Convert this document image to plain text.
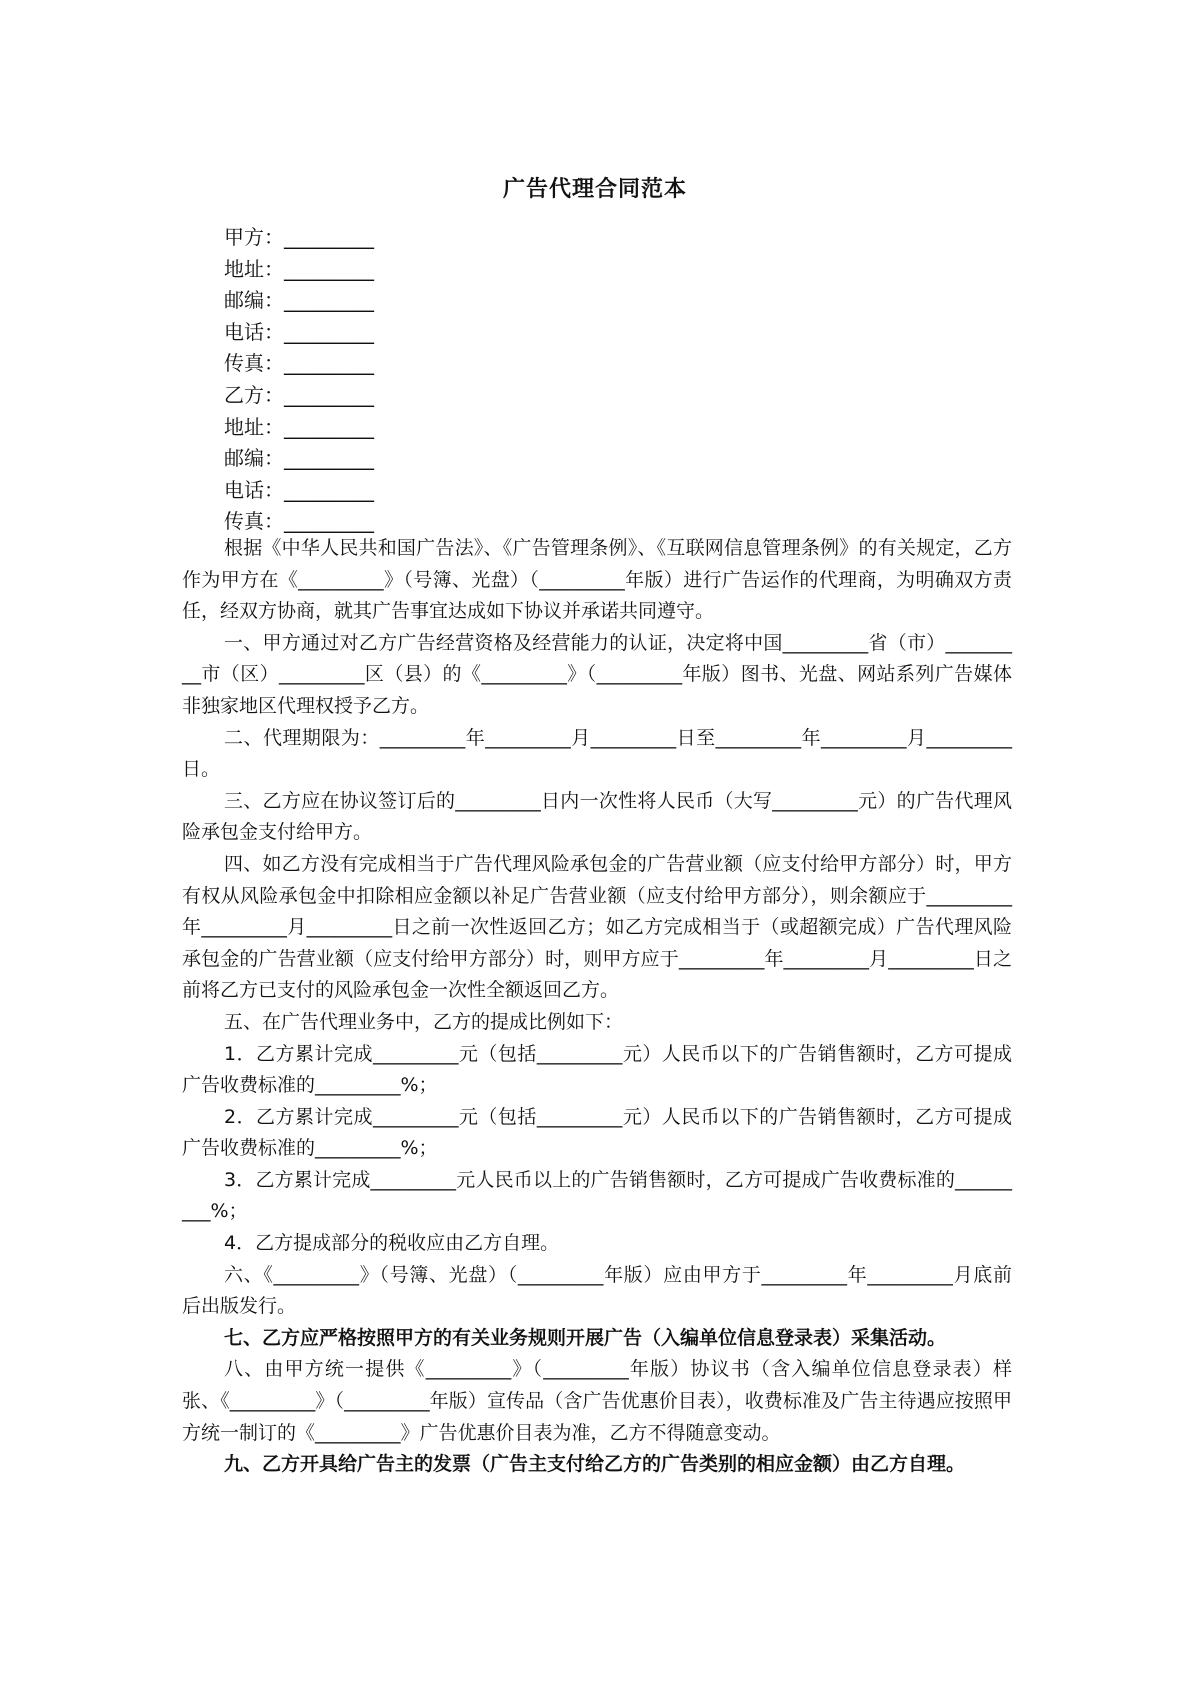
广告代理合同范本
甲方：_________
地址：_________
邮编：_________
电话：_________
传真：_________
乙方：_________
地址：_________
邮编：_________
电话：_________
传真：_________

根据《中华人民共和国广告法》、《广告管理条例》、《互联网信息管理条例》的有关规定，乙方作为甲方在《_________》（号簿、光盘）（_________年版）进行广告运作的代理商，为明确双方责任，经双方协商，就其广告事宜达成如下协议并承诺共同遵守。

一、甲方通过对乙方广告经营资格及经营能力的认证，决定将中国_________省（市）_________市（区）_________区（县）的《_________》（_________年版）图书、光盘、网站系列广告媒体非独家地区代理权授予乙方。

二、代理期限为：_________年_________月_________日至_________年_________月_________日。

三、乙方应在协议签订后的_________日内一次性将人民币（大写_________元）的广告代理风险承包金支付给甲方。

四、如乙方没有完成相当于广告代理风险承包金的广告营业额（应支付给甲方部分）时，甲方有权从风险承包金中扣除相应金额以补足广告营业额（应支付给甲方部分），则余额应于_________年_________月_________日之前一次性返回乙方；如乙方完成相当于（或超额完成）广告代理风险承包金的广告营业额（应支付给甲方部分）时，则甲方应于_________年_________月_________日之前将乙方已支付的风险承包金一次性全额返回乙方。

五、在广告代理业务中，乙方的提成比例如下：

1．乙方累计完成_________元（包括_________元）人民币以下的广告销售额时，乙方可提成广告收费标准的_________%；

2．乙方累计完成_________元（包括_________元）人民币以下的广告销售额时，乙方可提成广告收费标准的_________%；

3．乙方累计完成_________元人民币以上的广告销售额时，乙方可提成广告收费标准的_________%；

4．乙方提成部分的税收应由乙方自理。

六、《_________》（号簿、光盘）（_________年版）应由甲方于_________年_________月底前后出版发行。

七、乙方应严格按照甲方的有关业务规则开展广告（入编单位信息登录表）采集活动。

八、由甲方统一提供《_________》（_________年版）协议书（含入编单位信息登录表）样张、《_________》（_________年版）宣传品（含广告优惠价目表），收费标准及广告主待遇应按照甲方统一制订的《_________》广告优惠价目表为准，乙方不得随意变动。

九、乙方开具给广告主的发票（广告主支付给乙方的广告类别的相应金额）由乙方自理。
